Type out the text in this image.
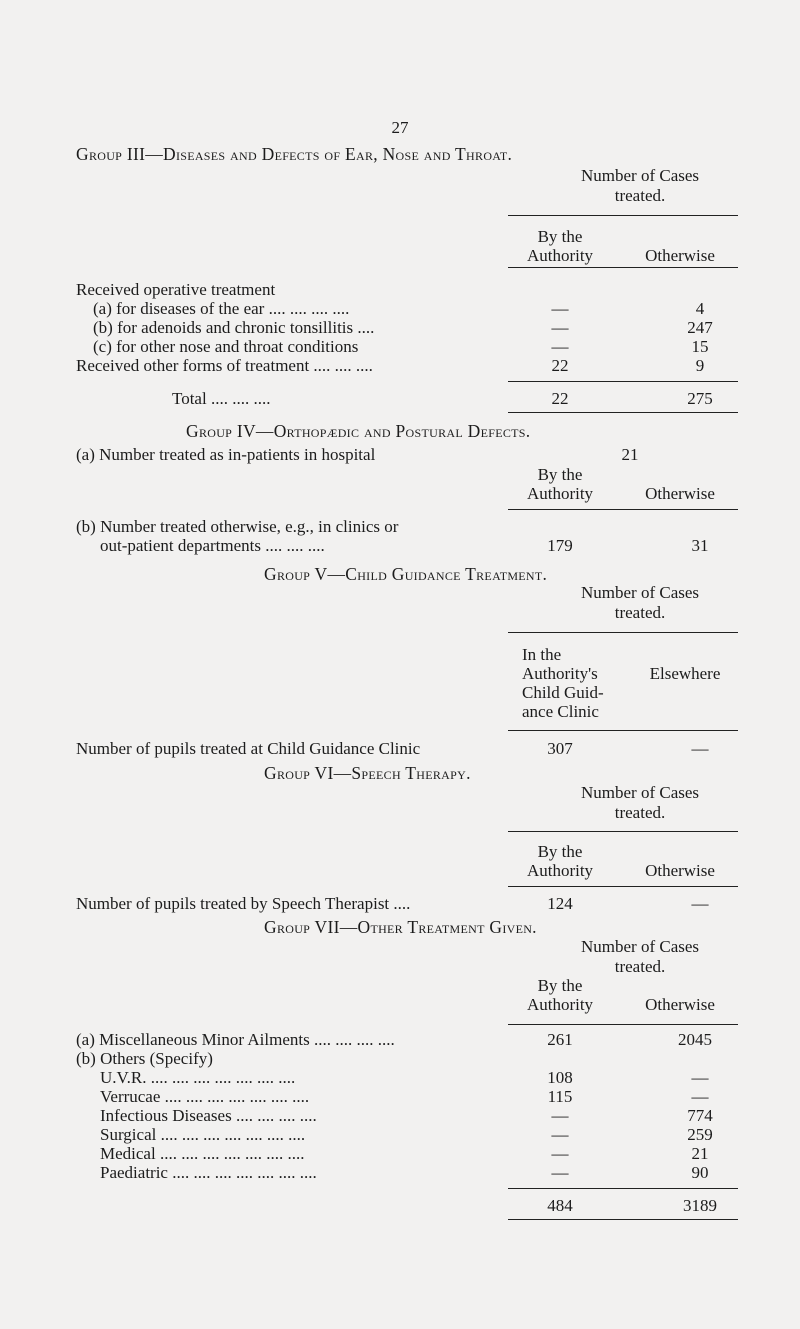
27
Group III—Diseases and Defects of Ear, Nose and Throat.
Number of Cases
treated.
By the
Authority	Otherwise
Received operative treatment
(a) for diseases of the ear .... .... .... ....	—	4
(b) for adenoids and chronic tonsillitis ....	—	247
(c) for other nose and throat conditions	—	15
Received other forms of treatment .... .... ....	22	9
Total .... .... ....	22	275
Group IV—Orthopædic and Postural Defects.
(a) Number treated as in-patients in hospital	21
By the
Authority	Otherwise
(b) Number treated otherwise, e.g., in clinics or
out-patient departments .... .... ....	179	31
Group V—Child Guidance Treatment.
Number of Cases
treated.
In the
Authority's
Child Guid-
ance Clinic
Elsewhere
Number of pupils treated at Child Guidance Clinic	307	—
Group VI—Speech Therapy.
Number of Cases
treated.
By the
Authority	Otherwise
Number of pupils treated by Speech Therapist ....	124	—
Group VII—Other Treatment Given.
Number of Cases
treated.
By the
Authority	Otherwise
(a) Miscellaneous Minor Ailments .... .... .... ....	261	2045
(b) Others (Specify)
U.V.R. .... .... .... .... .... .... ....	108	—
Verrucae .... .... .... .... .... .... ....	115	—
Infectious Diseases .... .... .... ....	—	774
Surgical .... .... .... .... .... .... ....	—	259
Medical .... .... .... .... .... .... ....	—	21
Paediatric .... .... .... .... .... .... ....	—	90
484	3189
